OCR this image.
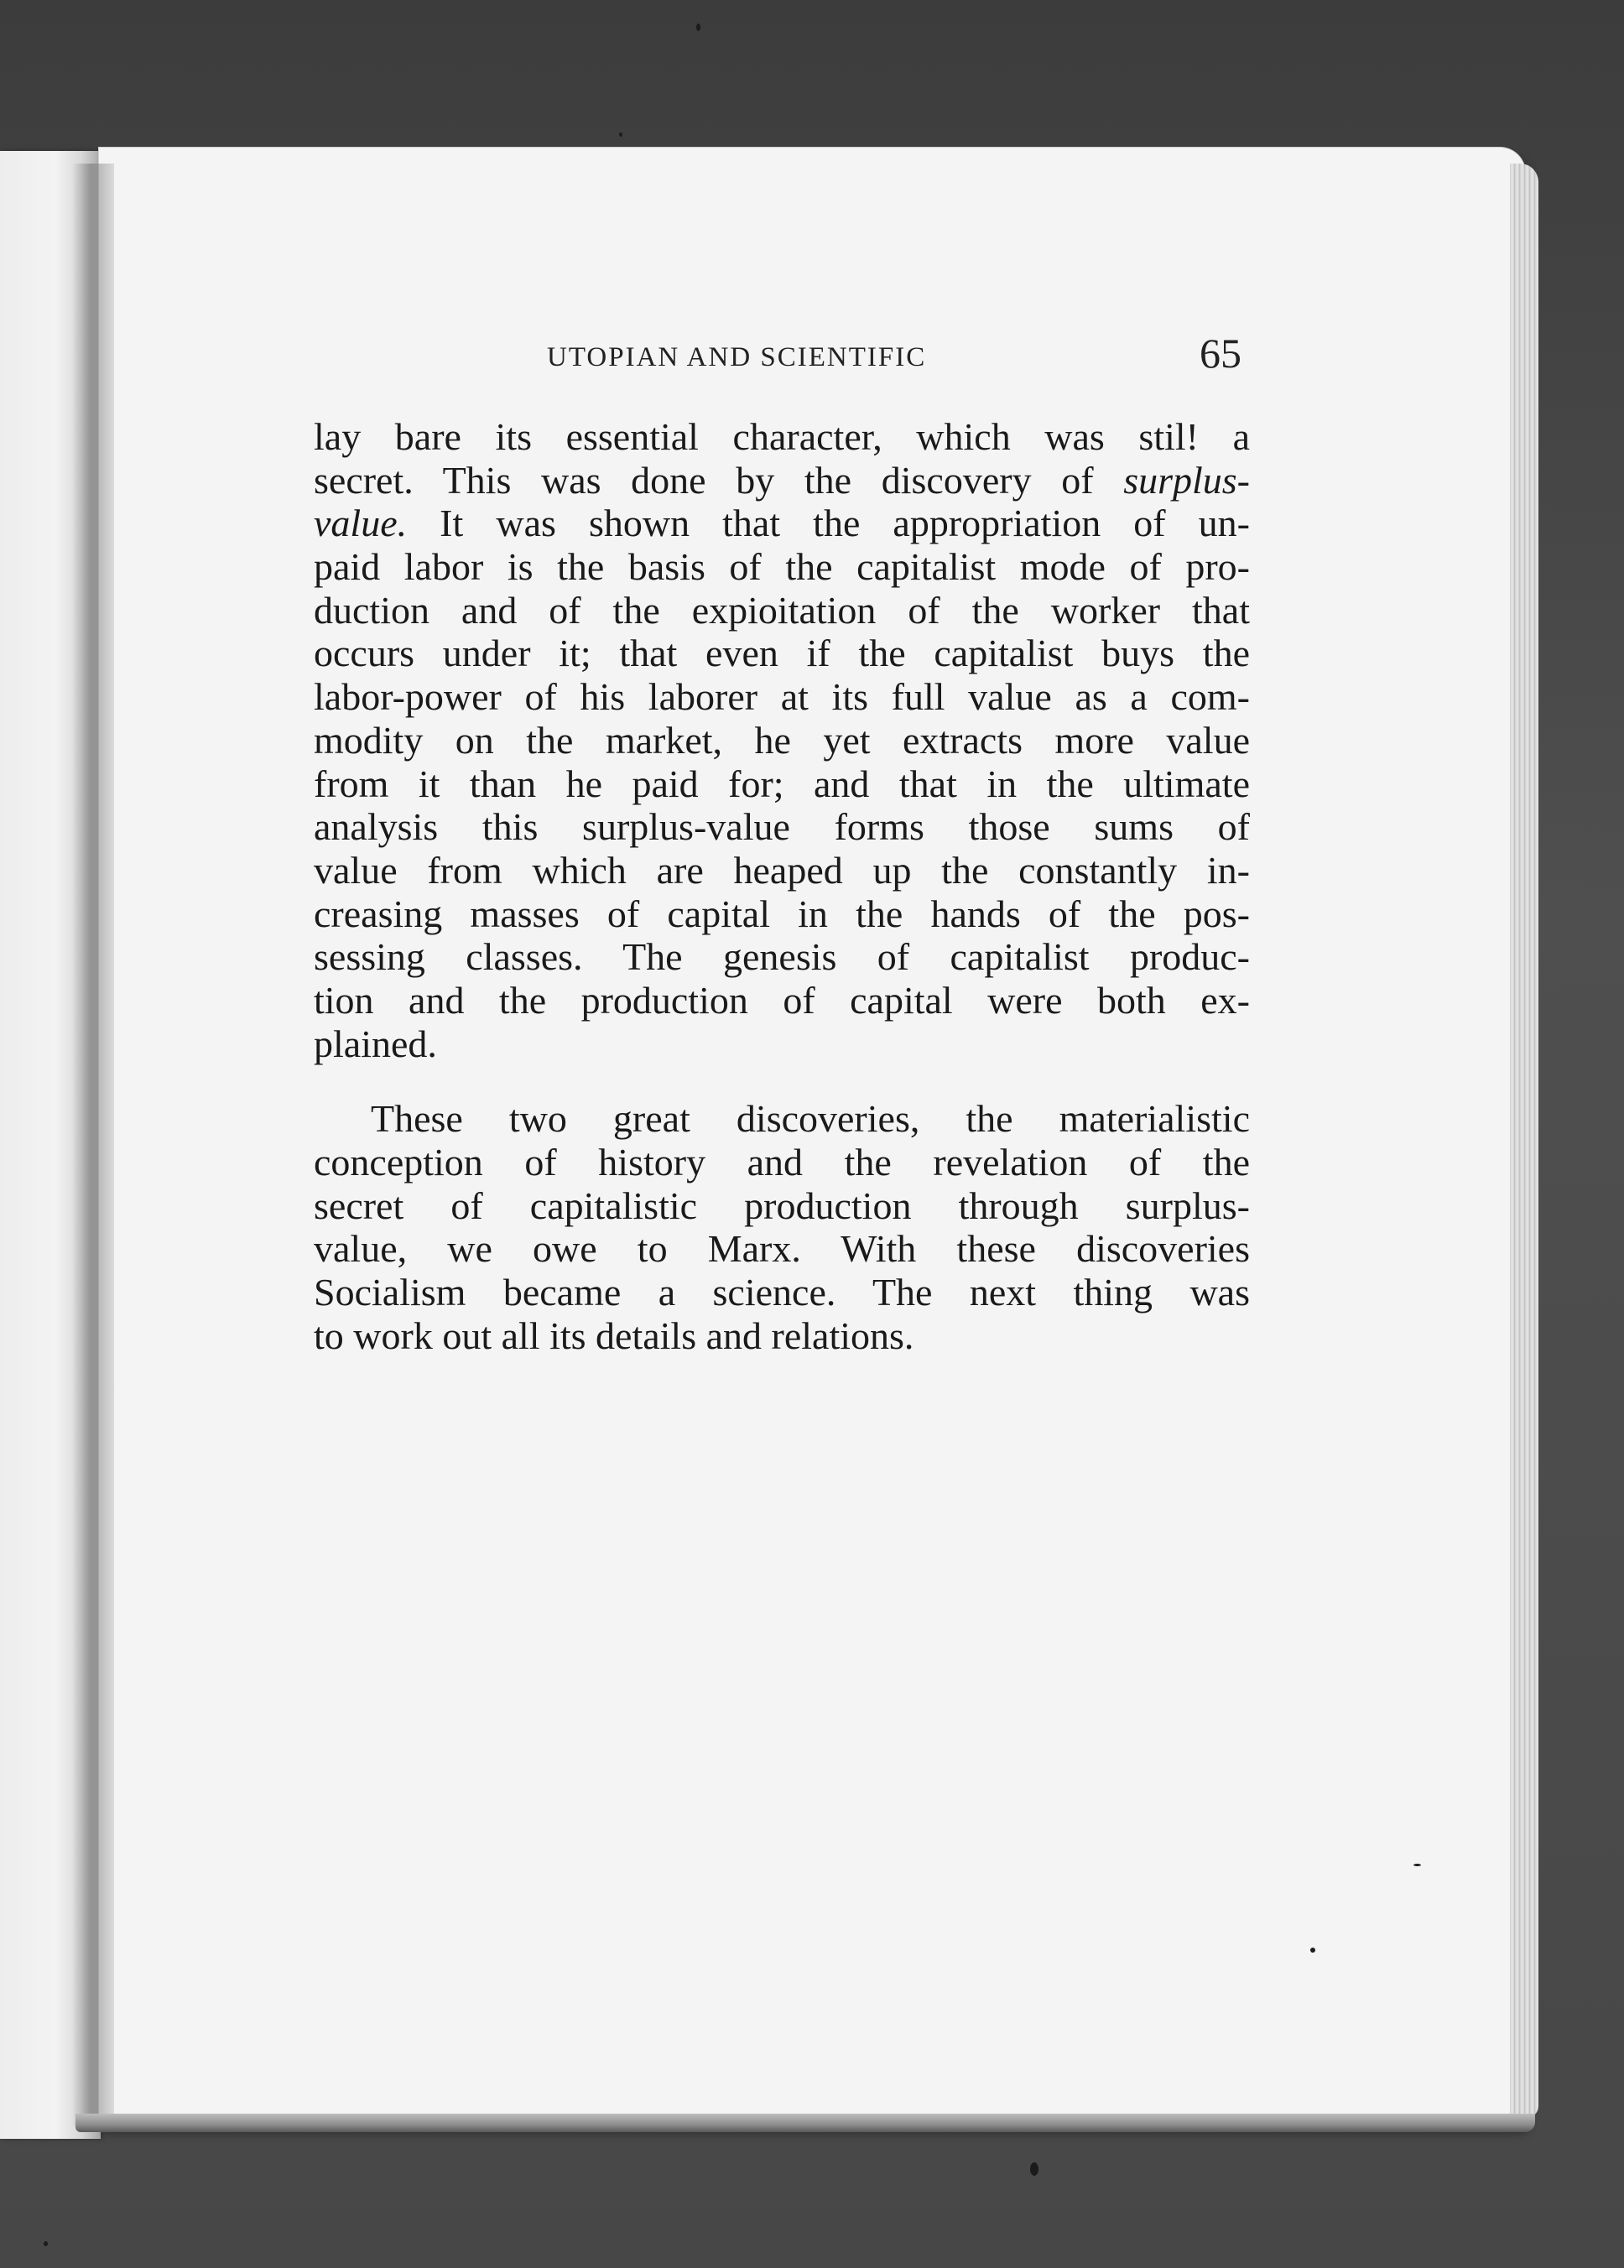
UTOPIAN AND SCIENTIFIC	65
lay bare its essential character, which was stil! a
secret. This was done by the discovery of surplus-
value. It was shown that the appropriation of un-
paid labor is the basis of the capitalist mode of pro-
duction and of the expioitation of the worker that
occurs under it; that even if the capitalist buys the
labor-power of his laborer at its full value as a com-
modity on the market, he yet extracts more value
from it than he paid for; and that in the ultimate
analysis this surplus-value forms those sums of
value from which are heaped up the constantly in-
creasing masses of capital in the hands of the pos-
sessing classes. The genesis of capitalist produc-
tion and the production of capital were both ex-
plained.
These two great discoveries, the materialistic
conception of history and the revelation of the
secret of capitalistic production through surplus-
value, we owe to Marx. With these discoveries
Socialism became a science. The next thing was
to work out all its details and relations.
